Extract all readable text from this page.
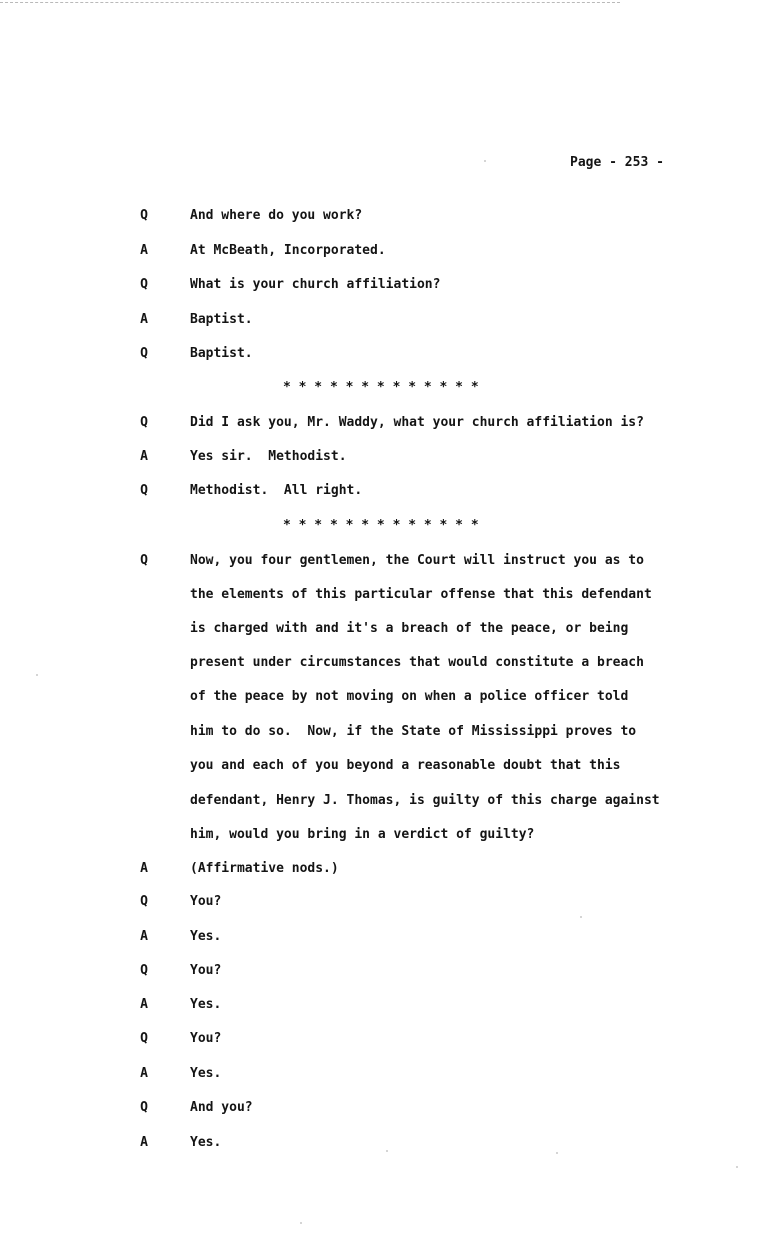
Page - 253 -
Q	And where do you work?
A	At McBeath, Incorporated.
Q	What is your church affiliation?
A	Baptist.
Q	Baptist.
* * * * * * * * * * * * *
Q	Did I ask you, Mr. Waddy, what your church affiliation is?
A	Yes sir.  Methodist.
Q	Methodist.  All right.
* * * * * * * * * * * * *
Q	Now, you four gentlemen, the Court will instruct you as to
the elements of this particular offense that this defendant
is charged with and it's a breach of the peace, or being
present under circumstances that would constitute a breach
of the peace by not moving on when a police officer told
him to do so.  Now, if the State of Mississippi proves to
you and each of you beyond a reasonable doubt that this
defendant, Henry J. Thomas, is guilty of this charge against
him, would you bring in a verdict of guilty?
A	(Affirmative nods.)
Q	You?
A	Yes.
Q	You?
A	Yes.
Q	You?
A	Yes.
Q	And you?
A	Yes.
